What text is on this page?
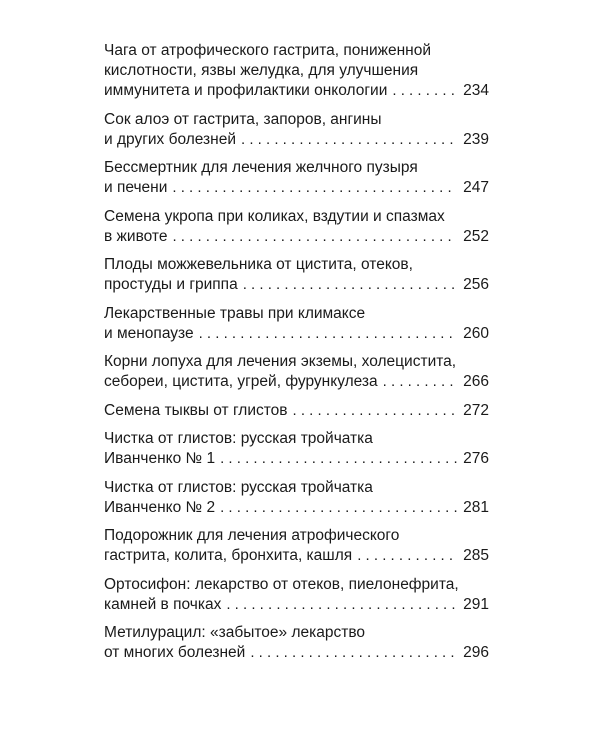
Чага от атрофического гастрита, пониженной
кислотности, язвы желудка, для улучшения
иммунитета и профилактики онкологии . . .	234
Сок алоэ от гастрита, запоров, ангины
и других болезней . . .	239
Бессмертник для лечения желчного пузыря
и печени . . .	247
Семена укропа при коликах, вздутии и спазмах
в животе . . .	252
Плоды можжевельника от цистита, отеков,
простуды и гриппа . . .	256
Лекарственные травы при климаксе
и менопаузе . . .	260
Корни лопуха для лечения экземы, холецистита,
себореи, цистита, угрей, фурункулеза . . .	266
Семена тыквы от глистов . . .	272
Чистка от глистов: русская тройчатка
Иванченко № 1 . . .	276
Чистка от глистов: русская тройчатка
Иванченко № 2 . . .	281
Подорожник для лечения атрофического
гастрита, колита, бронхита, кашля . . .	285
Ортосифон: лекарство от отеков, пиелонефрита,
камней в почках . . .	291
Метилурацил: «забытое» лекарство
от многих болезней . . .	296
